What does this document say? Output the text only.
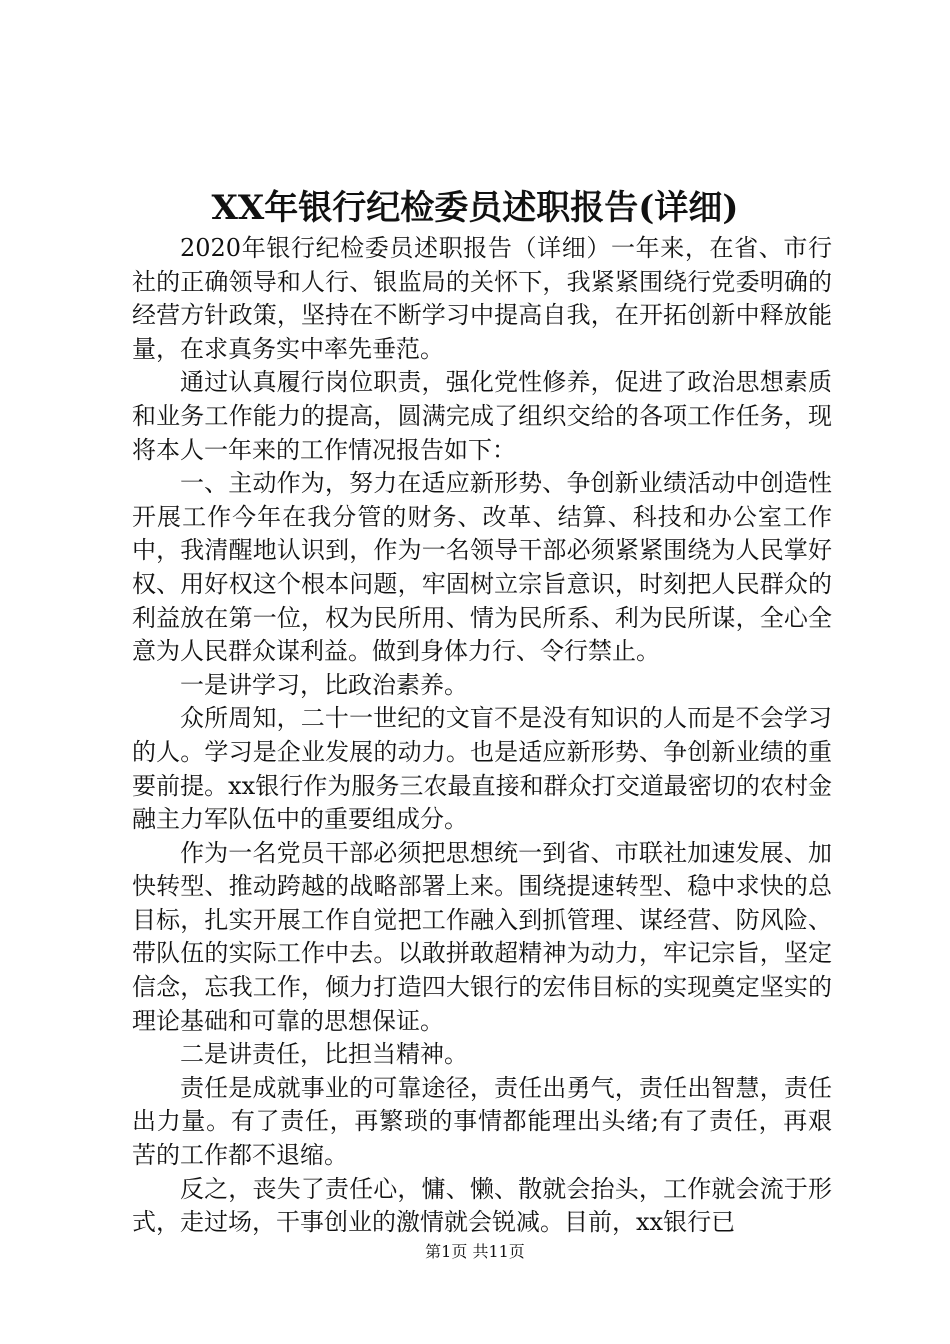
XX年银行纪检委员述职报告(详细)

2020年银行纪检委员述职报告（详细）一年来，在省、市行社的正确领导和人行、银监局的关怀下，我紧紧围绕行党委明确的经营方针政策，坚持在不断学习中提高自我，在开拓创新中释放能量，在求真务实中率先垂范。

通过认真履行岗位职责，强化党性修养，促进了政治思想素质和业务工作能力的提高，圆满完成了组织交给的各项工作任务，现将本人一年来的工作情况报告如下：

一、主动作为，努力在适应新形势、争创新业绩活动中创造性开展工作今年在我分管的财务、改革、结算、科技和办公室工作中，我清醒地认识到，作为一名领导干部必须紧紧围绕为人民掌好权、用好权这个根本问题，牢固树立宗旨意识，时刻把人民群众的利益放在第一位，权为民所用、情为民所系、利为民所谋，全心全意为人民群众谋利益。做到身体力行、令行禁止。

一是讲学习，比政治素养。

众所周知，二十一世纪的文盲不是没有知识的人而是不会学习的人。学习是企业发展的动力。也是适应新形势、争创新业绩的重要前提。xx银行作为服务三农最直接和群众打交道最密切的农村金融主力军队伍中的重要组成分。

作为一名党员干部必须把思想统一到省、市联社加速发展、加快转型、推动跨越的战略部署上来。围绕提速转型、稳中求快的总目标，扎实开展工作自觉把工作融入到抓管理、谋经营、防风险、带队伍的实际工作中去。以敢拼敢超精神为动力，牢记宗旨，坚定信念，忘我工作，倾力打造四大银行的宏伟目标的实现奠定坚实的理论基础和可靠的思想保证。

二是讲责任，比担当精神。

责任是成就事业的可靠途径，责任出勇气，责任出智慧，责任出力量。有了责任，再繁琐的事情都能理出头绪;有了责任，再艰苦的工作都不退缩。

反之，丧失了责任心，慵、懒、散就会抬头，工作就会流于形式，走过场，干事创业的激情就会锐减。目前，xx银行已

第1页 共11页
